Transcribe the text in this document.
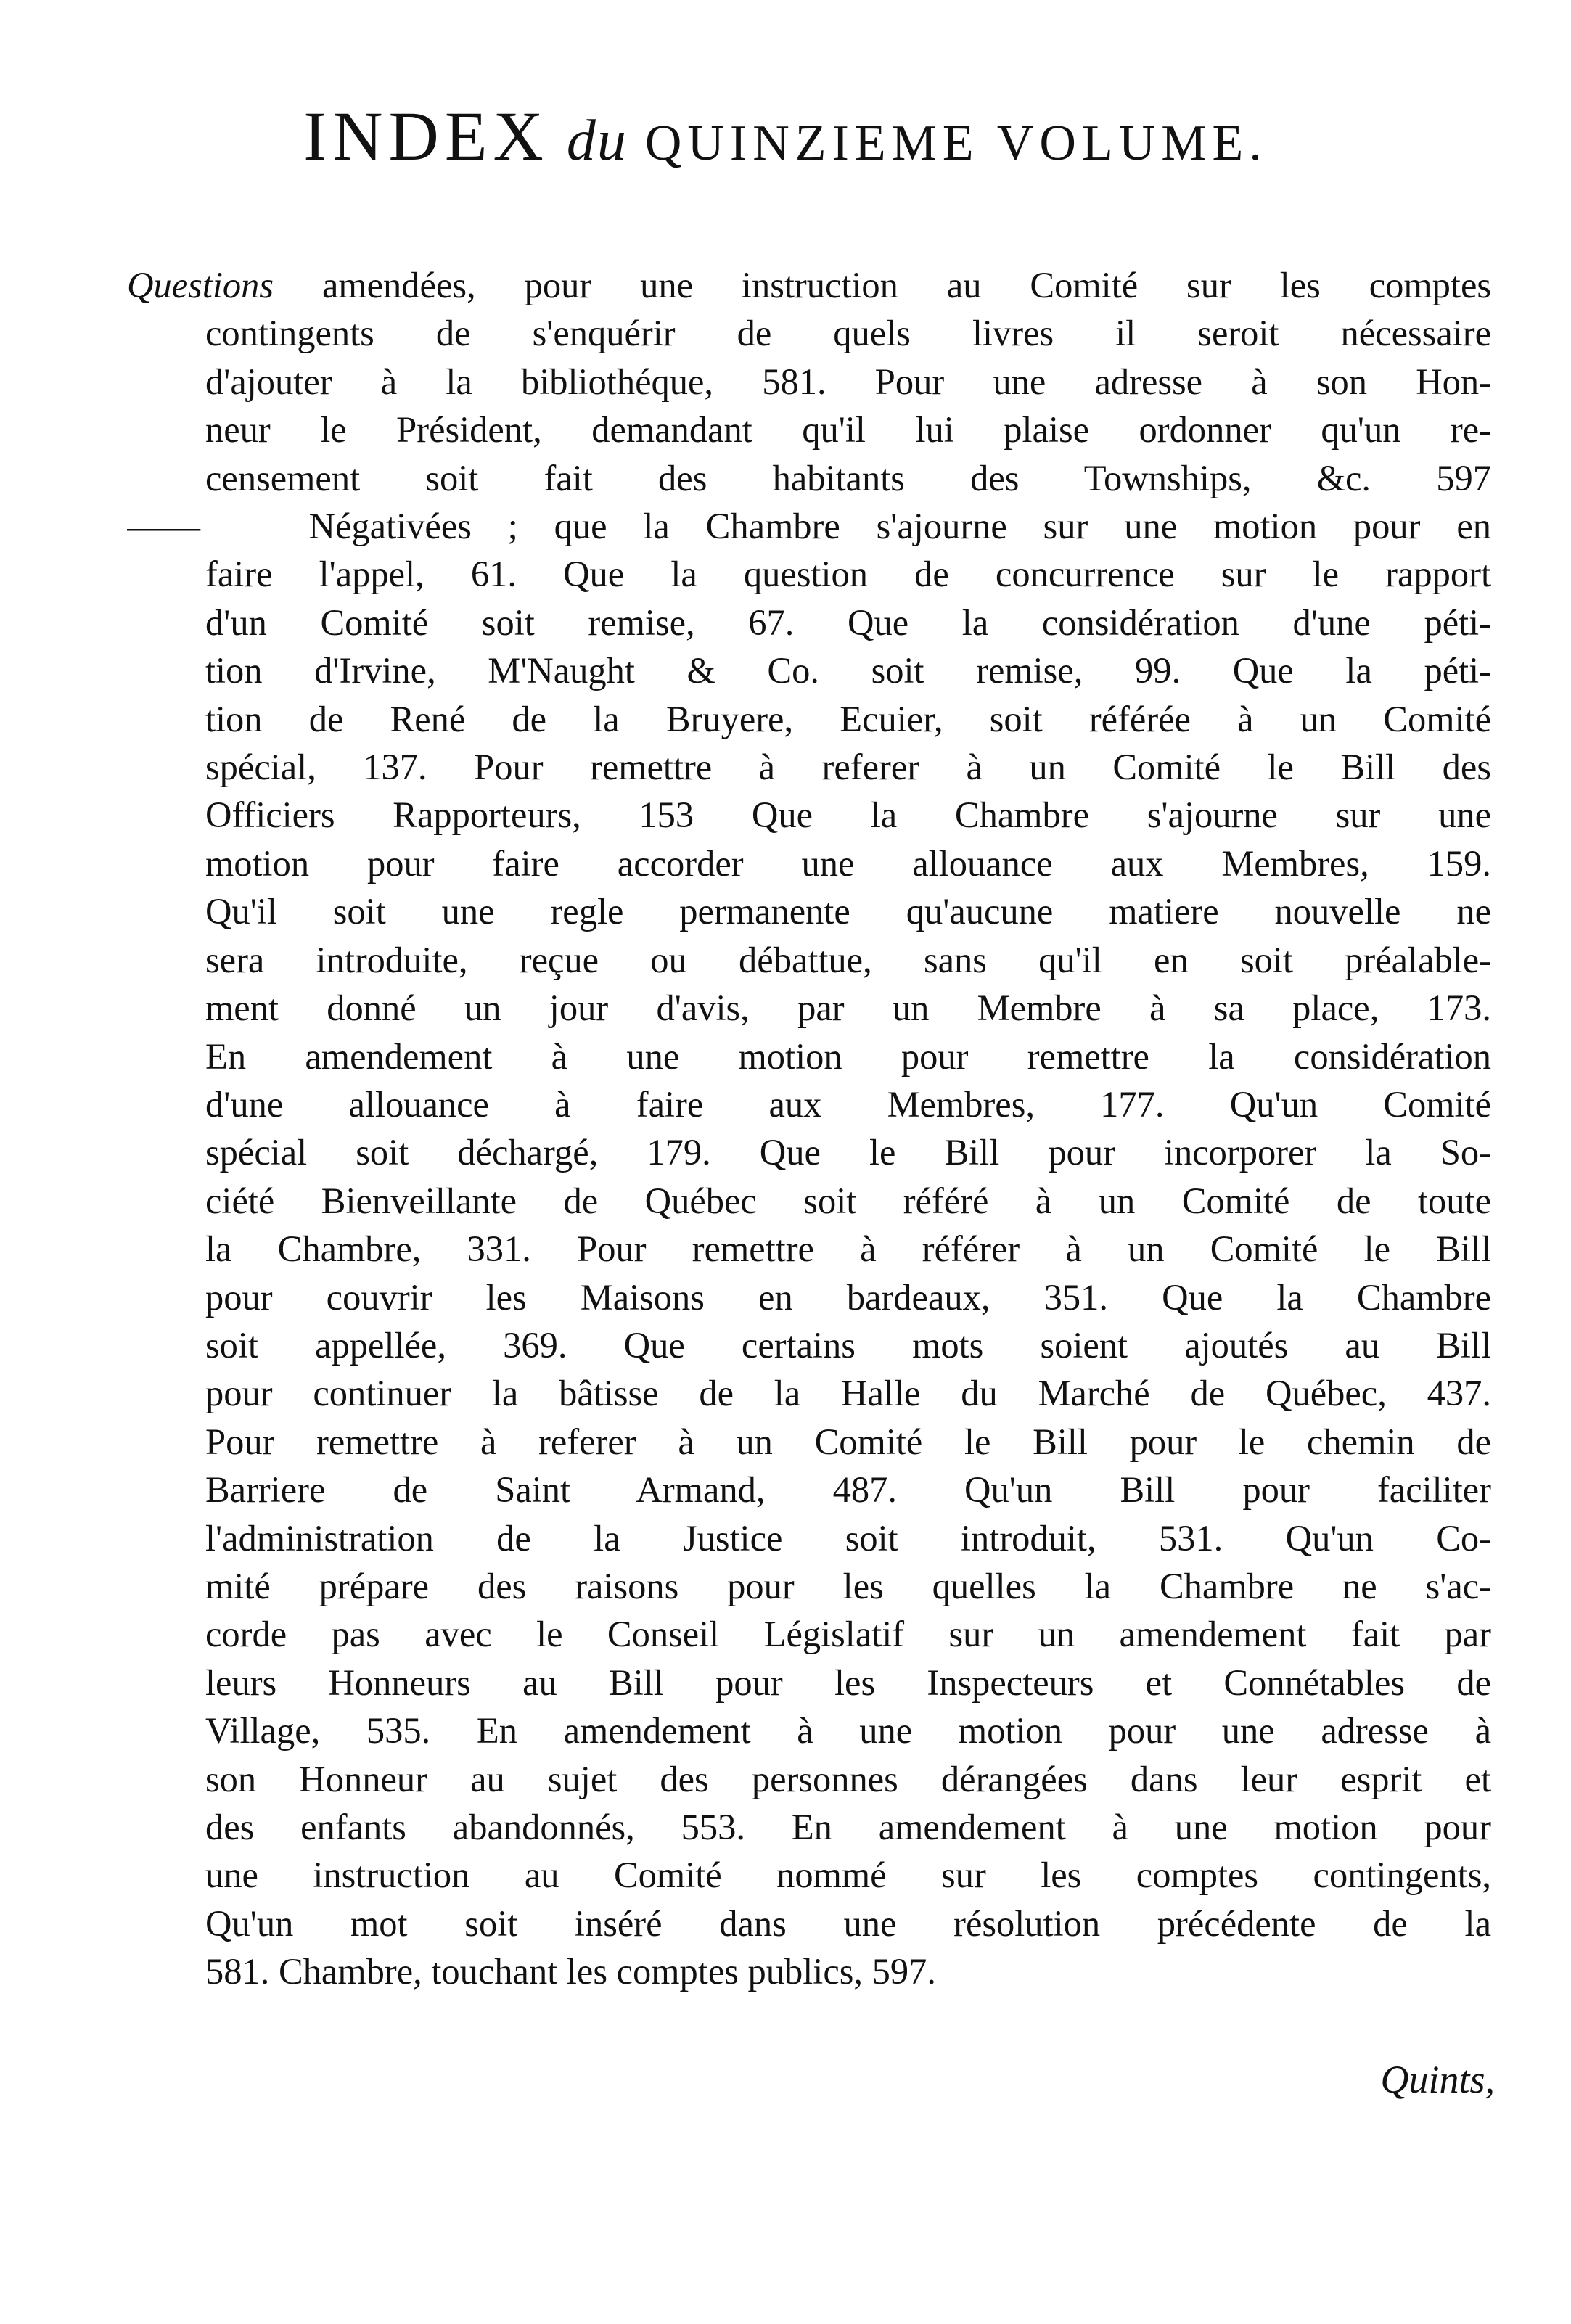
INDEX du QUINZIEME VOLUME.
Questions amendées, pour une instruction au Comité sur les comptes
contingents de s'enquérir de quels livres il seroit nécessaire
d'ajouter à la bibliothéque, 581. Pour une adresse à son Hon-
neur le Président, demandant qu'il lui plaise ordonner qu'un re-
censement soit fait des habitants des Townships, &c. 597
——	Négativées ; que la Chambre s'ajourne sur une motion pour en
faire l'appel, 61. Que la question de concurrence sur le rapport
d'un Comité soit remise, 67. Que la considération d'une péti-
tion d'Irvine, M'Naught & Co. soit remise, 99. Que la péti-
tion de René de la Bruyere, Ecuier, soit référée à un Comité
spécial, 137. Pour remettre à referer à un Comité le Bill des
Officiers Rapporteurs, 153 Que la Chambre s'ajourne sur une
motion pour faire accorder une allouance aux Membres, 159.
Qu'il soit une regle permanente qu'aucune matiere nouvelle ne
sera introduite, reçue ou débattue, sans qu'il en soit préalable-
ment donné un jour d'avis, par un Membre à sa place, 173.
En amendement à une motion pour remettre la considération
d'une allouance à faire aux Membres, 177. Qu'un Comité
spécial soit déchargé, 179. Que le Bill pour incorporer la So-
ciété Bienveillante de Québec soit référé à un Comité de toute
la Chambre, 331. Pour remettre à référer à un Comité le Bill
pour couvrir les Maisons en bardeaux, 351. Que la Chambre
soit appellée, 369. Que certains mots soient ajoutés au Bill
pour continuer la bâtisse de la Halle du Marché de Québec, 437.
Pour remettre à referer à un Comité le Bill pour le chemin de
Barriere de Saint Armand, 487. Qu'un Bill pour faciliter
l'administration de la Justice soit introduit, 531. Qu'un Co-
mité prépare des raisons pour les quelles la Chambre ne s'ac-
corde pas avec le Conseil Législatif sur un amendement fait par
leurs Honneurs au Bill pour les Inspecteurs et Connétables de
Village, 535. En amendement à une motion pour une adresse à
son Honneur au sujet des personnes dérangées dans leur esprit et
des enfants abandonnés, 553. En amendement à une motion pour
une instruction au Comité nommé sur les comptes contingents,
Qu'un mot soit inséré dans une résolution précédente de la
581. Chambre, touchant les comptes publics, 597.
Quints,
